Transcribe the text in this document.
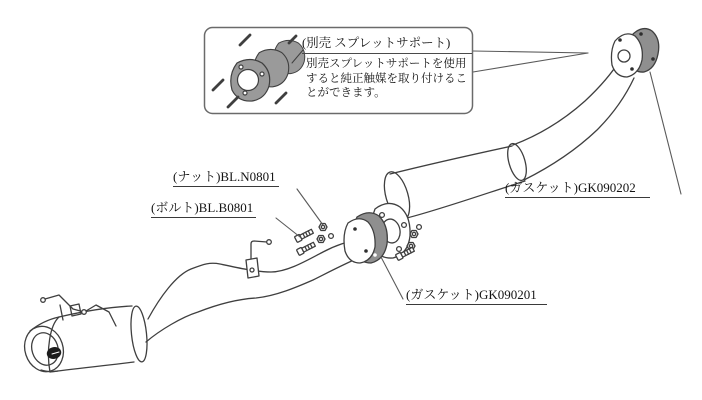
(別売 スプレットサポート)
別売スプレットサポートを使用
すると純正触媒を取り付けるこ
とができます。
(ナット)BL.N0801
(ボルト)BL.B0801
(ガスケット)GK090202
(ガスケット)GK090201
